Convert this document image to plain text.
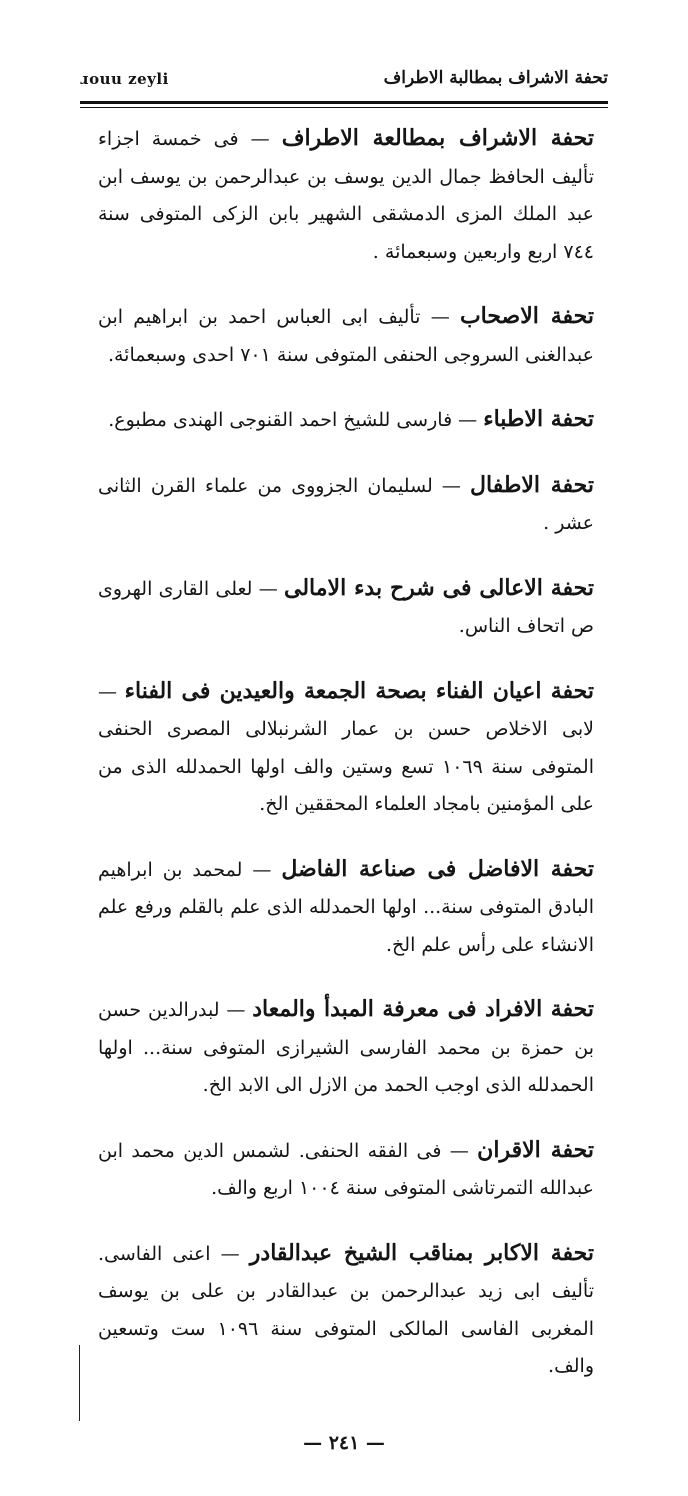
ɹouu zeyli	تحفة الاشراف بمطالبة الاطراف

تحفة الاشراف بمطالعة الاطراف — فى خمسة اجزاء تأليف الحافظ جمال الدين يوسف بن عبدالرحمن بن يوسف ابن عبد الملك المزى الدمشقى الشهير بابن الزكى المتوفى سنة ٧٤٤ اربع واربعين وسبعمائة .

تحفة الاصحاب — تأليف ابى العباس احمد بن ابراهيم ابن عبدالغنى السروجى الحنفى المتوفى سنة ٧٠١ احدى وسبعمائة.

تحفة الاطباء — فارسى للشيخ احمد القنوجى الهندى مطبوع.

تحفة الاطفال — لسليمان الجزووى من علماء القرن الثانى عشر .

تحفة الاعالى فى شرح بدء الامالى — لعلى القارى الهروى ص اتحاف الناس.

تحفة اعيان الفناء بصحة الجمعة والعيدين فى الفناء — لابى الاخلاص حسن بن عمار الشرنبلالى المصرى الحنفى المتوفى سنة ١٠٦٩ تسع وستين والف اولها الحمدلله الذى من على المؤمنين بامجاد العلماء المحققين الخ.

تحفة الافاضل فى صناعة الفاضل — لمحمد بن ابراهيم البادق المتوفى سنة... اولها الحمدلله الذى علم بالقلم ورفع علم الانشاء على رأس علم الخ.

تحفة الافراد فى معرفة المبدأ والمعاد — لبدرالدين حسن بن حمزة بن محمد الفارسى الشيرازى المتوفى سنة... اولها الحمدلله الذى اوجب الحمد من الازل الى الابد الخ.

تحفة الاقران — فى الفقه الحنفى. لشمس الدين محمد ابن عبدالله التمرتاشى المتوفى سنة ١٠٠٤ اربع والف.

تحفة الاكابر بمناقب الشيخ عبدالقادر — اعنى الفاسى. تأليف ابى زيد عبدالرحمن بن عبدالقادر بن على بن يوسف المغربى الفاسى المالكى المتوفى سنة ١٠٩٦ ست وتسعين والف.

— ٢٤١ —
